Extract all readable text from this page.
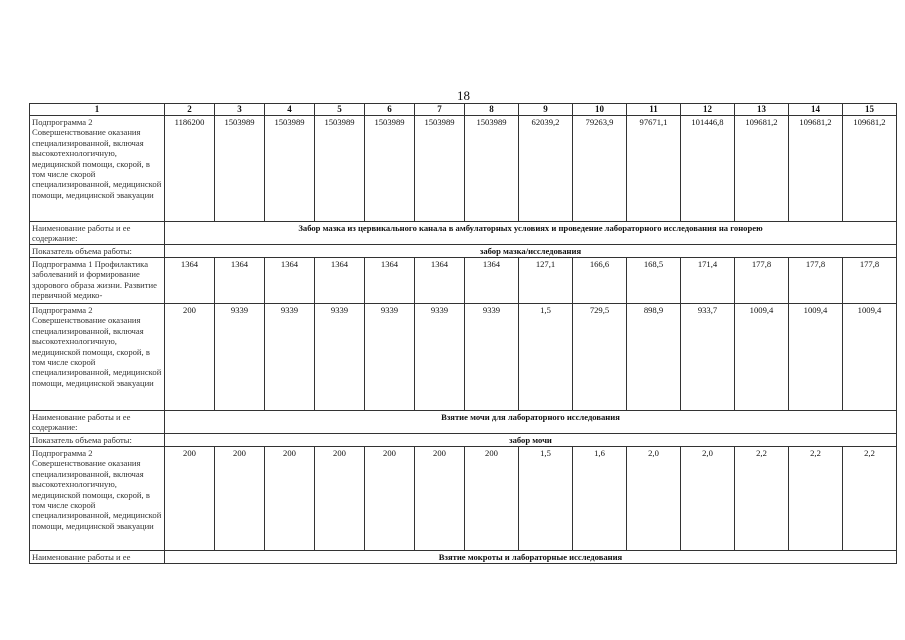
18
1	2	3	4	5	6	7	8	9	10	11	12	13	14	15
Подпрограмма 2 Совершенствование оказания специализированной, включая высокотехнологичную, медицинской помощи, скорой, в том числе скорой специализированной, медицинской помощи, медицинской эвакуации	1186200	1503989	1503989	1503989	1503989	1503989	1503989	62039,2	79263,9	97671,1	101446,8	109681,2	109681,2	109681,2
Наименование работы и ее содержание:	Забор мазка из цервикального канала в амбулаторных условиях и проведение лабораторного исследования на гонорею													
Показатель объема работы:	забор мазка/исследования													
Подпрограмма 1 Профилактика заболеваний и формирование здорового образа жизни. Развитие первичной медико-	1364	1364	1364	1364	1364	1364	1364	127,1	166,6	168,5	171,4	177,8	177,8	177,8
Подпрограмма 2 Совершенствование оказания специализированной, включая высокотехнологичную, медицинской помощи, скорой, в том числе скорой специализированной, медицинской помощи, медицинской эвакуации	200	9339	9339	9339	9339	9339	9339	1,5	729,5	898,9	933,7	1009,4	1009,4	1009,4
Наименование работы и ее содержание:	Взятие мочи для лабораторного исследования													
Показатель объема работы:	забор мочи													
Подпрограмма 2 Совершенствование оказания специализированной, включая высокотехнологичную, медицинской помощи, скорой, в том числе скорой специализированной, медицинской помощи, медицинской эвакуации	200	200	200	200	200	200	200	1,5	1,6	2,0	2,0	2,2	2,2	2,2
Наименование работы и ее	Взятие мокроты и лабораторные исследования													
